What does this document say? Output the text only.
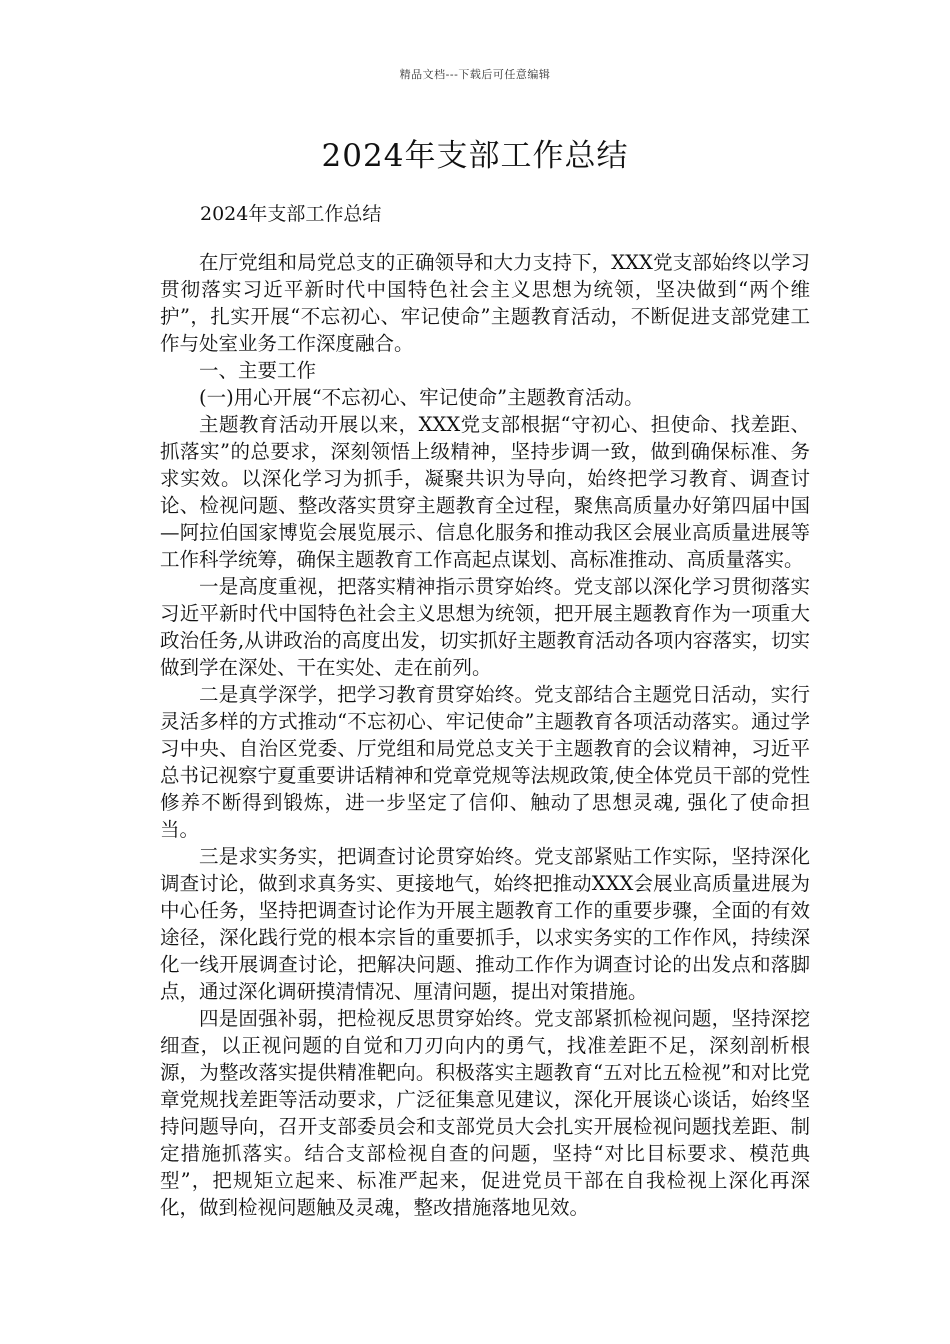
精品文档---下载后可任意编辑
2024年支部工作总结

2024年支部工作总结

在厅党组和局党总支的正确领导和大力支持下，XXX党支部始终以学习贯彻落实习近平新时代中国特色社会主义思想为统领，坚决做到“两个维护”，扎实开展“不忘初心、牢记使命”主题教育活动，不断促进支部党建工作与处室业务工作深度融合。

一、主要工作

(一)用心开展“不忘初心、牢记使命”主题教育活动。

主题教育活动开展以来，XXX党支部根据“守初心、担使命、找差距、抓落实”的总要求，深刻领悟上级精神，坚持步调一致，做到确保标准、务求实效。以深化学习为抓手，凝聚共识为导向，始终把学习教育、调查讨论、检视问题、整改落实贯穿主题教育全过程，聚焦高质量办好第四届中国—阿拉伯国家博览会展览展示、信息化服务和推动我区会展业高质量进展等工作科学统筹，确保主题教育工作高起点谋划、高标准推动、高质量落实。

一是高度重视，把落实精神指示贯穿始终。党支部以深化学习贯彻落实习近平新时代中国特色社会主义思想为统领，把开展主题教育作为一项重大政治任务,从讲政治的高度出发，切实抓好主题教育活动各项内容落实，切实做到学在深处、干在实处、走在前列。

二是真学深学，把学习教育贯穿始终。党支部结合主题党日活动，实行灵活多样的方式推动“不忘初心、牢记使命”主题教育各项活动落实。通过学习中央、自治区党委、厅党组和局党总支关于主题教育的会议精神，习近平总书记视察宁夏重要讲话精神和党章党规等法规政策,使全体党员干部的党性修养不断得到锻炼，进一步坚定了信仰、触动了思想灵魂, 强化了使命担当。

三是求实务实，把调查讨论贯穿始终。党支部紧贴工作实际，坚持深化调查讨论，做到求真务实、更接地气，始终把推动XXX会展业高质量进展为中心任务，坚持把调查讨论作为开展主题教育工作的重要步骤，全面的有效途径，深化践行党的根本宗旨的重要抓手，以求实务实的工作作风，持续深化一线开展调查讨论，把解决问题、推动工作作为调查讨论的出发点和落脚点，通过深化调研摸清情况、厘清问题，提出对策措施。

四是固强补弱，把检视反思贯穿始终。党支部紧抓检视问题，坚持深挖细查，以正视问题的自觉和刀刃向内的勇气，找准差距不足，深刻剖析根源，为整改落实提供精准靶向。积极落实主题教育“五对比五检视”和对比党章党规找差距等活动要求，广泛征集意见建议，深化开展谈心谈话，始终坚持问题导向，召开支部委员会和支部党员大会扎实开展检视问题找差距、制定措施抓落实。结合支部检视自查的问题，坚持“对比目标要求、模范典型”，把规矩立起来、标准严起来，促进党员干部在自我检视上深化再深化，做到检视问题触及灵魂，整改措施落地见效。
